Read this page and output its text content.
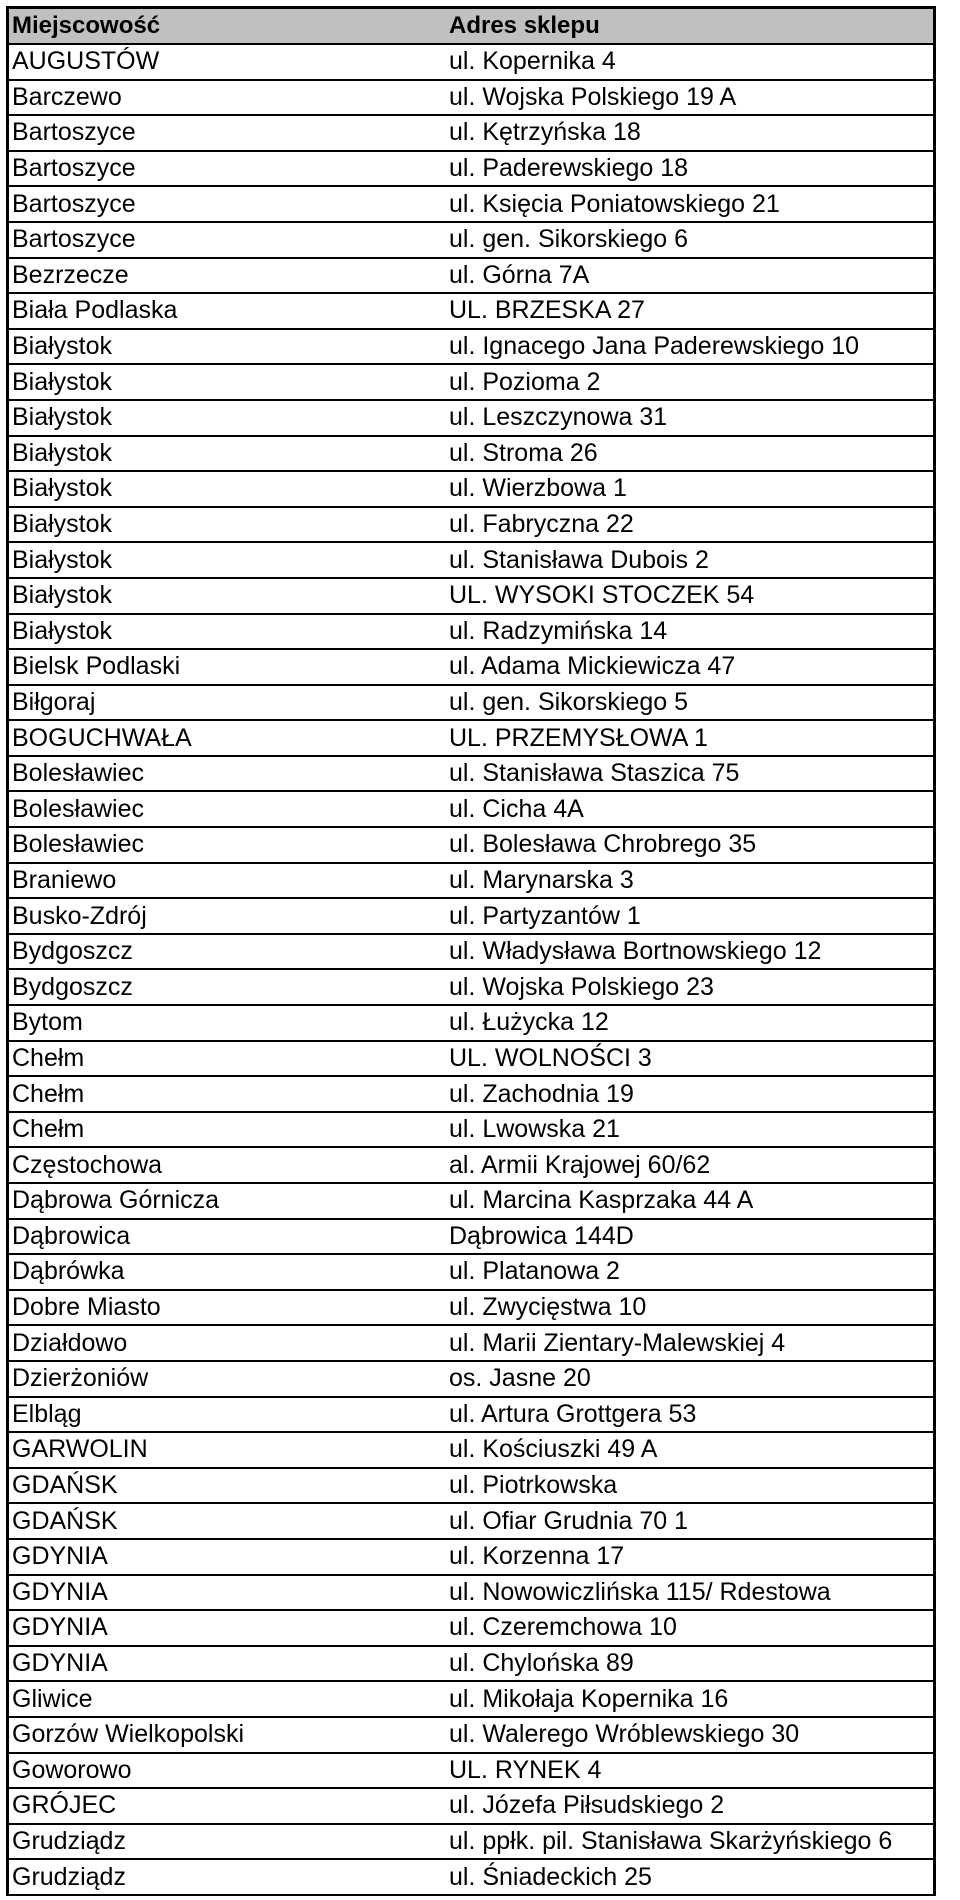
Miejscowość	Adres sklepu
AUGUSTÓW	ul. Kopernika 4
Barczewo	ul. Wojska Polskiego 19 A
Bartoszyce	ul. Kętrzyńska 18
Bartoszyce	ul. Paderewskiego 18
Bartoszyce	ul. Księcia Poniatowskiego 21
Bartoszyce	ul. gen. Sikorskiego 6
Bezrzecze	ul. Górna 7A
Biała Podlaska	UL. BRZESKA 27
Białystok	ul. Ignacego Jana Paderewskiego 10
Białystok	ul. Pozioma 2
Białystok	ul. Leszczynowa 31
Białystok	ul. Stroma 26
Białystok	ul. Wierzbowa 1
Białystok	ul. Fabryczna 22
Białystok	ul. Stanisława Dubois 2
Białystok	UL. WYSOKI STOCZEK 54
Białystok	ul. Radzymińska 14
Bielsk Podlaski	ul. Adama Mickiewicza 47
Biłgoraj	ul. gen. Sikorskiego 5
BOGUCHWAŁA	UL. PRZEMYSŁOWA 1
Bolesławiec	ul. Stanisława Staszica 75
Bolesławiec	ul. Cicha 4A
Bolesławiec	ul. Bolesława Chrobrego 35
Braniewo	ul. Marynarska 3
Busko-Zdrój	ul. Partyzantów 1
Bydgoszcz	ul. Władysława Bortnowskiego 12
Bydgoszcz	ul. Wojska Polskiego 23
Bytom	ul. Łużycka 12
Chełm	UL. WOLNOŚCI 3
Chełm	ul. Zachodnia 19
Chełm	ul. Lwowska 21
Częstochowa	al. Armii Krajowej 60/62
Dąbrowa Górnicza	ul. Marcina Kasprzaka 44 A
Dąbrowica	Dąbrowica 144D
Dąbrówka	ul. Platanowa 2
Dobre Miasto	ul. Zwycięstwa 10
Działdowo	ul. Marii Zientary-Malewskiej 4
Dzierżoniów	os. Jasne 20
Elbląg	ul. Artura Grottgera 53
GARWOLIN	ul. Kościuszki 49 A
GDAŃSK	ul. Piotrkowska
GDAŃSK	ul. Ofiar Grudnia 70 1
GDYNIA	ul. Korzenna 17
GDYNIA	ul. Nowowiczlińska 115/ Rdestowa
GDYNIA	ul. Czeremchowa 10
GDYNIA	ul. Chylońska 89
Gliwice	ul. Mikołaja Kopernika 16
Gorzów Wielkopolski	ul. Walerego Wróblewskiego 30
Goworowo	UL. RYNEK 4
GRÓJEC	ul. Józefa Piłsudskiego 2
Grudziądz	ul. ppłk. pil. Stanisława Skarżyńskiego 6
Grudziądz	ul. Śniadeckich 25
